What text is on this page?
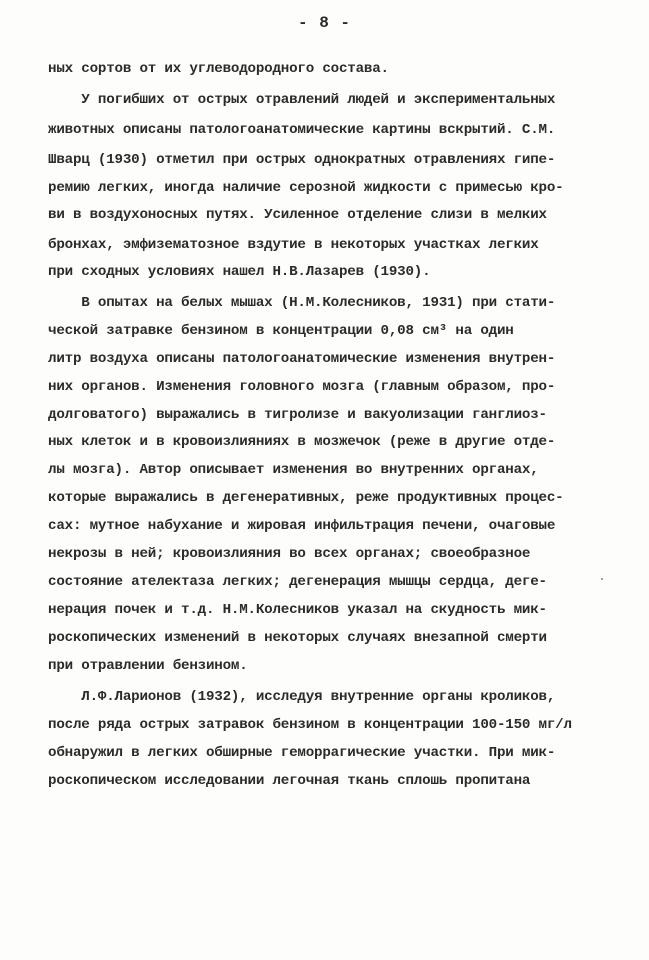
- 8 -
ных сортов от их углеводородного состава.
У погибших от острых отравлений людей и экспериментальных
животных описаны патологоанатомические картины вскрытий. С.М.
Шварц (1930) отметил при острых однократных отравлениях гипе-
ремию легких, иногда наличие серозной жидкости с примесью кро-
ви в воздухоносных путях. Усиленное отделение слизи в мелких
бронхах, эмфизематозное вздутие в некоторых участках легких
при сходных условиях нашел Н.В.Лазарев (1930).
В опытах на белых мышах (Н.М.Колесников, 1931) при стати-
ческой затравке бензином в концентрации 0,08 см³ на один
литр воздуха описаны патологоанатомические изменения внутрен-
них органов. Изменения головного мозга (главным образом, про-
долговатого) выражались в тигролизе и вакуолизации ганглиоз-
ных клеток и в кровоизлияниях в мозжечок (реже в другие отде-
лы мозга). Автор описывает изменения во внутренних органах,
которые выражались в дегенеративных, реже продуктивных процес-
сах: мутное набухание и жировая инфильтрация печени, очаговые
некрозы в ней; кровоизлияния во всех органах; своеобразное
состояние ателектаза легких; дегенерация мышцы сердца, деге-
нерация почек и т.д. Н.М.Колесников указал на скудность мик-
роскопических изменений в некоторых случаях внезапной смерти
при отравлении бензином.
Л.Ф.Ларионов (1932), исследуя внутренние органы кроликов,
после ряда острых затравок бензином в концентрации 100-150 мг/л
обнаружил в легких обширные геморрагические участки. При мик-
роскопическом исследовании легочная ткань сплошь пропитана
